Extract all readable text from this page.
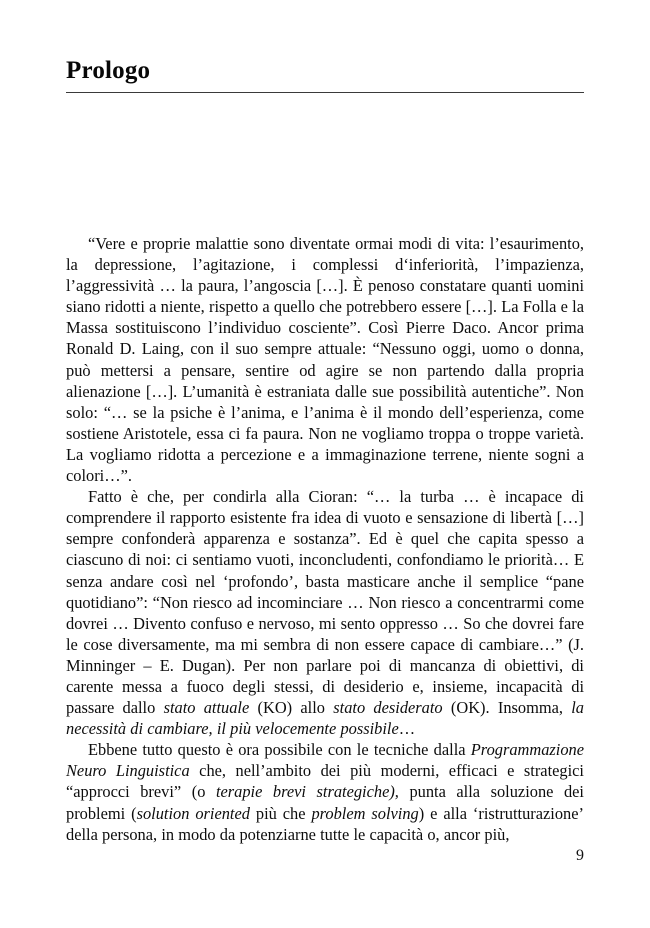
Prologo

“Vere e proprie malattie sono diventate ormai modi di vita: l’esaurimento, la depressione, l’agitazione, i complessi d‘inferiorità, l’impazienza, l’aggressività … la paura, l’angoscia […]. È penoso constatare quanti uomini siano ridotti a niente, rispetto a quello che potrebbero essere […]. La Folla e la Massa sostituiscono l’individuo cosciente”. Così Pierre Daco. Ancor prima Ronald D. Laing, con il suo sempre attuale: “Nessuno oggi, uomo o donna, può mettersi a pensare, sentire od agire se non partendo dalla propria alienazione […]. L’umanità è estraniata dalle sue possibilità autentiche”. Non solo: “… se la psiche è l’anima, e l’anima è il mondo dell’esperienza, come sostiene Aristotele, essa ci fa paura. Non ne vogliamo troppa o troppe varietà. La vogliamo ridotta a percezione e a immaginazione terrene, niente sogni a colori…”.

Fatto è che, per condirla alla Cioran: “… la turba … è incapace di comprendere il rapporto esistente fra idea di vuoto e sensazione di libertà […] sempre confonderà apparenza e sostanza”. Ed è quel che capita spesso a ciascuno di noi: ci sentiamo vuoti, inconcludenti, confondiamo le priorità… E senza andare così nel ‘profondo’, basta masticare anche il semplice “pane quotidiano”: “Non riesco ad incominciare … Non riesco a concentrarmi come dovrei … Divento confuso e nervoso, mi sento oppresso … So che dovrei fare le cose diversamente, ma mi sembra di non essere capace di cambiare…” (J. Minninger – E. Dugan). Per non parlare poi di mancanza di obiettivi, di carente messa a fuoco degli stessi, di desiderio e, insieme, incapacità di passare dallo stato attuale (KO) allo stato desiderato (OK). Insomma, la necessità di cambiare, il più velocemente possibile…

Ebbene tutto questo è ora possibile con le tecniche dalla Programmazione Neuro Linguistica che, nell’ambito dei più moderni, efficaci e strategici “approcci brevi” (o terapie brevi strategiche), punta alla soluzione dei problemi (solution oriented più che problem solving) e alla ‘ristrutturazione’ della persona, in modo da potenziarne tutte le capacità o, ancor più,

9
